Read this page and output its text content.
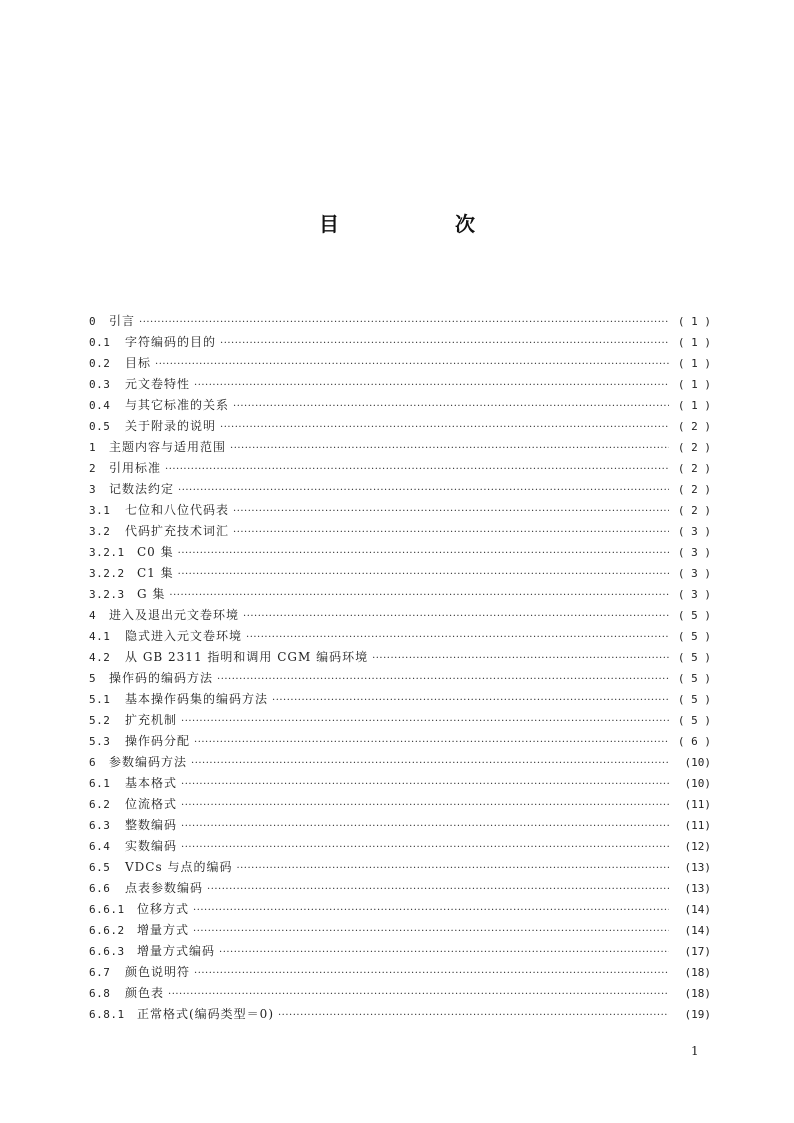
目　次
0	引言 ·····	( 1 )
0.1	字符编码的目的 ·····	( 1 )
0.2	目标 ·····	( 1 )
0.3	元文卷特性 ·····	( 1 )
0.4	与其它标准的关系 ·····	( 1 )
0.5	关于附录的说明 ·····	( 2 )
1	主题内容与适用范围 ·····	( 2 )
2	引用标准 ·····	( 2 )
3	记数法约定 ·····	( 2 )
3.1	七位和八位代码表 ·····	( 2 )
3.2	代码扩充技术词汇 ·····	( 3 )
3.2.1	C0 集 ·····	( 3 )
3.2.2	C1 集 ·····	( 3 )
3.2.3	G 集 ·····	( 3 )
4	进入及退出元文卷环境 ·····	( 5 )
4.1	隐式进入元文卷环境 ·····	( 5 )
4.2	从 GB 2311 指明和调用 CGM 编码环境 ·····	( 5 )
5	操作码的编码方法 ·····	( 5 )
5.1	基本操作码集的编码方法 ·····	( 5 )
5.2	扩充机制 ·····	( 5 )
5.3	操作码分配 ·····	( 6 )
6	参数编码方法 ·····	(10)
6.1	基本格式 ·····	(10)
6.2	位流格式 ·····	(11)
6.3	整数编码 ·····	(11)
6.4	实数编码 ·····	(12)
6.5	VDCs 与点的编码 ·····	(13)
6.6	点表参数编码 ·····	(13)
6.6.1	位移方式 ·····	(14)
6.6.2	增量方式 ·····	(14)
6.6.3	增量方式编码 ·····	(17)
6.7	颜色说明符 ·····	(18)
6.8	颜色表 ·····	(18)
6.8.1	正常格式(编码类型＝0) ·····	(19)
1
